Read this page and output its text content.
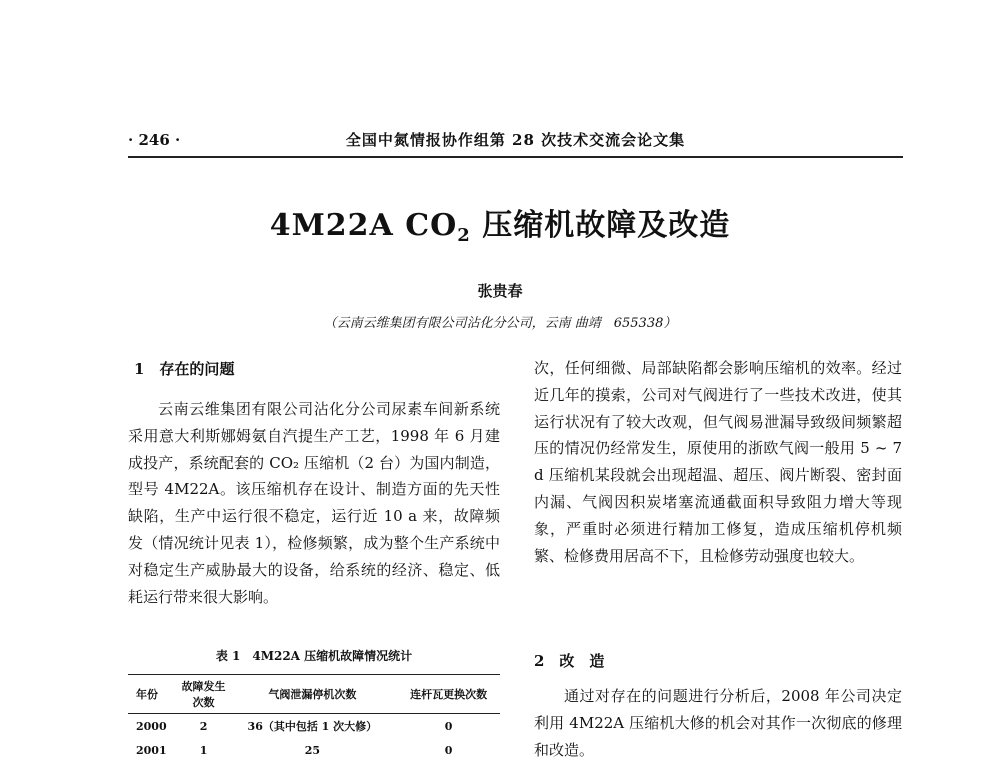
· 246 ·	全国中氮情报协作组第 28 次技术交流会论文集
4M22A $CO_2$ 压缩机故障及改造
张贵春
（云南云维集团有限公司沾化分公司，云南 曲靖　655338）
1　存在的问题

云南云维集团有限公司沾化分公司尿素车间新系统采用意大利斯娜姆氨自汽提生产工艺，1998 年 6 月建成投产，系统配套的 CO₂ 压缩机（2 台）为国内制造，型号 4M22A。该压缩机存在设计、制造方面的先天性缺陷，生产中运行很不稳定，运行近 10 a 来，故障频发（情况统计见表 1），检修频繁，成为整个生产系统中对稳定生产威胁最大的设备，给系统的经济、稳定、低耗运行带来很大影响。

表 1　4M22A 压缩机故障情况统计
年份	故障发生次数	气阀泄漏停机次数	连杆瓦更换次数
2000	2	36（其中包括 1 次大修）	0
2001	1	25	0

次，任何细微、局部缺陷都会影响压缩机的效率。经过近几年的摸索，公司对气阀进行了一些技术改进，使其运行状况有了较大改观，但气阀易泄漏导致级间频繁超压的情况仍经常发生，原使用的浙欧气阀一般用 5 ~ 7 d 压缩机某段就会出现超温、超压、阀片断裂、密封面内漏、气阀因积炭堵塞流通截面积导致阻力增大等现象，严重时必须进行精加工修复，造成压缩机停机频繁、检修费用居高不下，且检修劳动强度也较大。

2　改　造

通过对存在的问题进行分析后，2008 年公司决定利用 4M22A 压缩机大修的机会对其作一次彻底的修理和改造。
